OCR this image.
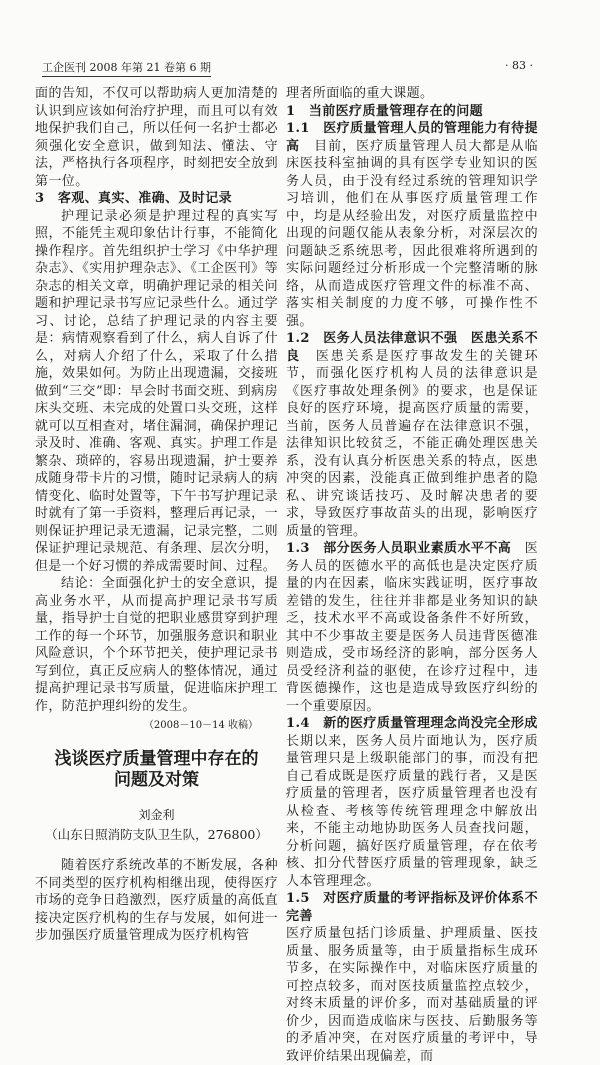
工企医刊 2008 年第 21 卷第 6 期	· 83 ·

面的告知，不仅可以帮助病人更加清楚的认识到应该如何治疗护理，而且可以有效地保护我们自己，所以任何一名护士都必须强化安全意识，做到知法、懂法、守法，严格执行各项程序，时刻把安全放到第一位。

3　客观、真实、准确、及时记录

护理记录必须是护理过程的真实写照，不能凭主观印象估计行事，不能简化操作程序。首先组织护士学习《中华护理杂志》、《实用护理杂志》、《工企医刊》等杂志的相关文章，明确护理记录的相关问题和护理记录书写应记录些什么。通过学习、讨论，总结了护理记录的内容主要是：病情观察看到了什么，病人自诉了什么，对病人介绍了什么，采取了什么措施，效果如何。为防止出现遗漏，交接班做到“三交”即：早会时书面交班、到病房床头交班、未完成的处置口头交班，这样就可以互相查对，堵住漏洞，确保护理记录及时、准确、客观、真实。护理工作是繁杂、琐碎的，容易出现遗漏，护士要养成随身带卡片的习惯，随时记录病人的病情变化、临时处置等，下午书写护理记录时就有了第一手资料，整理后再记录，一则保证护理记录无遗漏，记录完整，二则保证护理记录规范、有条理、层次分明，但是一个好习惯的养成需要时间、过程。

结论：全面强化护士的安全意识，提高业务水平，从而提高护理记录书写质量，指导护士自觉的把职业感贯穿到护理工作的每一个环节，加强服务意识和职业风险意识，个个环节把关，使护理记录书写到位，真正反应病人的整体情况，通过提高护理记录书写质量，促进临床护理工作，防范护理纠纷的发生。

（2008－10－14 收稿）
浅谈医疗质量管理中存在的
问题及对策
刘金利
（山东日照消防支队卫生队，276800）

随着医疗系统改革的不断发展，各种不同类型的医疗机构相继出现，使得医疗市场的竞争日趋激烈，医疗质量的高低直接决定医疗机构的生存与发展，如何进一步加强医疗质量管理成为医疗机构管

理者所面临的重大课题。

1　当前医疗质量管理存在的问题

1.1　医疗质量管理人员的管理能力有待提高　目前，医疗质量管理人员大都是从临床医技科室抽调的具有医学专业知识的医务人员，由于没有经过系统的管理知识学习培训，他们在从事医疗质量管理工作中，均是从经验出发，对医疗质量监控中出现的问题仅能从表象分析，对深层次的问题缺乏系统思考，因此很难将所遇到的实际问题经过分析形成一个完整清晰的脉络，从而造成医疗管理文件的标准不高、落实相关制度的力度不够，可操作性不强。

1.2　医务人员法律意识不强　医患关系不良　医患关系是医疗事故发生的关键环节，而强化医疗机构人员的法律意识是《医疗事故处理条例》的要求，也是保证良好的医疗环境，提高医疗质量的需要，当前，医务人员普遍存在法律意识不强，法律知识比较贫乏，不能正确处理医患关系，没有认真分析医患关系的特点，医患冲突的因素，没能真正做到维护患者的隐私、讲究谈话技巧、及时解决患者的要求，导致医疗事故苗头的出现，影响医疗质量的管理。

1.3　部分医务人员职业素质水平不高　医务人员的医德水平的高低也是决定医疗质量的内在因素，临床实践证明，医疗事故差错的发生，往往并非都是业务知识的缺乏，技术水平不高或设备条件不好所致，其中不少事故主要是医务人员违背医德准则造成，受市场经济的影响，部分医务人员受经济利益的驱使，在诊疗过程中，违背医德操作，这也是造成导致医疗纠纷的一个重要原因。

1.4　新的医疗质量管理理念尚没完全形成　长期以来，医务人员片面地认为，医疗质量管理只是上级职能部门的事，而没有把自己看成既是医疗质量的践行者，又是医疗质量的管理者，医疗质量管理者也没有从检查、考核等传统管理理念中解放出来，不能主动地协助医务人员查找问题，分析问题，搞好医疗质量管理，存在依考核、扣分代替医疗质量的管理现象，缺乏人本管理理念。

1.5　对医疗质量的考评指标及评价体系不完善

医疗质量包括门诊质量、护理质量、医技质量、服务质量等，由于质量指标生成环节多，在实际操作中，对临床医疗质量的可控点较多，而对医技质量监控点较少，对终末质量的评价多，而对基础质量的评价少，因而造成临床与医技、后勤服务等的矛盾冲突，在对医疗质量的考评中，导致评价结果出现偏差，而
